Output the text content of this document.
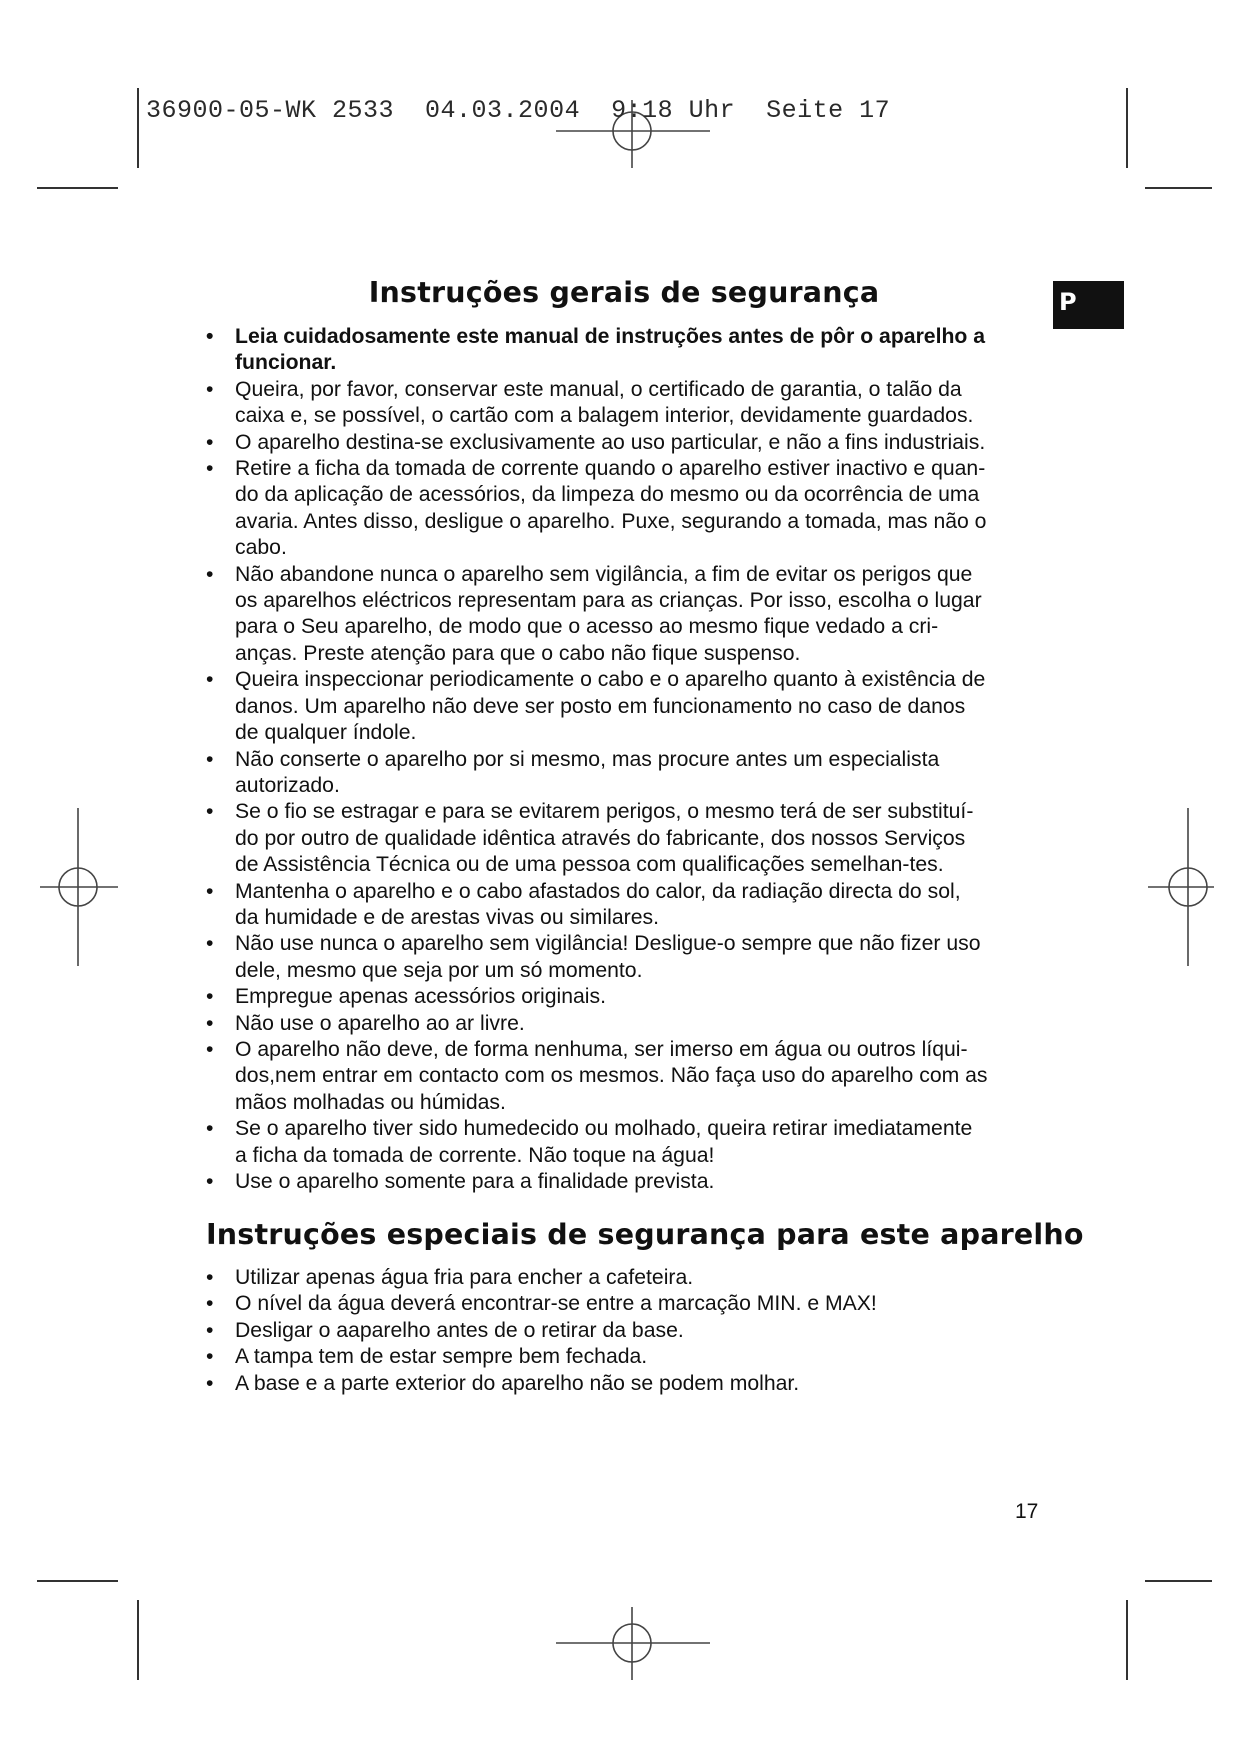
36900-05-WK 2533  04.03.2004  9:18 Uhr  Seite 17
P
Instruções gerais de segurança
• Leia cuidadosamente este manual de instruções antes de pôr o aparelho a
funcionar.
• Queira, por favor, conservar este manual, o certificado de garantia, o talão da
caixa e, se possível, o cartão com a balagem interior, devidamente guardados.
• O aparelho destina-se exclusivamente ao uso particular, e não a fins industriais.
• Retire a ficha da tomada de corrente quando o aparelho estiver inactivo e quan-
do da aplicação de acessórios, da limpeza do mesmo ou da ocorrência de uma
avaria. Antes disso, desligue o aparelho. Puxe, segurando a tomada, mas não o
cabo.
• Não abandone nunca o aparelho sem vigilância, a fim de evitar os perigos que
os aparelhos eléctricos representam para as crianças. Por isso, escolha o lugar
para o Seu aparelho, de modo que o acesso ao mesmo fique vedado a cri-
anças. Preste atenção para que o cabo não fique suspenso.
• Queira inspeccionar periodicamente o cabo e o aparelho quanto à existência de
danos. Um aparelho não deve ser posto em funcionamento no caso de danos
de qualquer índole.
• Não conserte o aparelho por si mesmo, mas procure antes um especialista
autorizado.
• Se o fio se estragar e para se evitarem perigos, o mesmo terá de ser substituí-
do por outro de qualidade idêntica através do fabricante, dos nossos Serviços
de Assistência Técnica ou de uma pessoa com qualificações semelhan-tes.
• Mantenha o aparelho e o cabo afastados do calor, da radiação directa do sol,
da humidade e de arestas vivas ou similares.
• Não use nunca o aparelho sem vigilância! Desligue-o sempre que não fizer uso
dele, mesmo que seja por um só momento.
• Empregue apenas acessórios originais.
• Não use o aparelho ao ar livre.
• O aparelho não deve, de forma nenhuma, ser imerso em água ou outros líqui-
dos,nem entrar em contacto com os mesmos. Não faça uso do aparelho com as
mãos molhadas ou húmidas.
• Se o aparelho tiver sido humedecido ou molhado, queira retirar imediatamente
a ficha da tomada de corrente. Não toque na água!
• Use o aparelho somente para a finalidade prevista.
Instruções especiais de segurança para este aparelho
• Utilizar apenas água fria para encher a cafeteira.
• O nível da água deverá encontrar-se entre a marcação MIN. e MAX!
• Desligar o aaparelho antes de o retirar da base.
• A tampa tem de estar sempre bem fechada.
• A base e a parte exterior do aparelho não se podem molhar.
17
